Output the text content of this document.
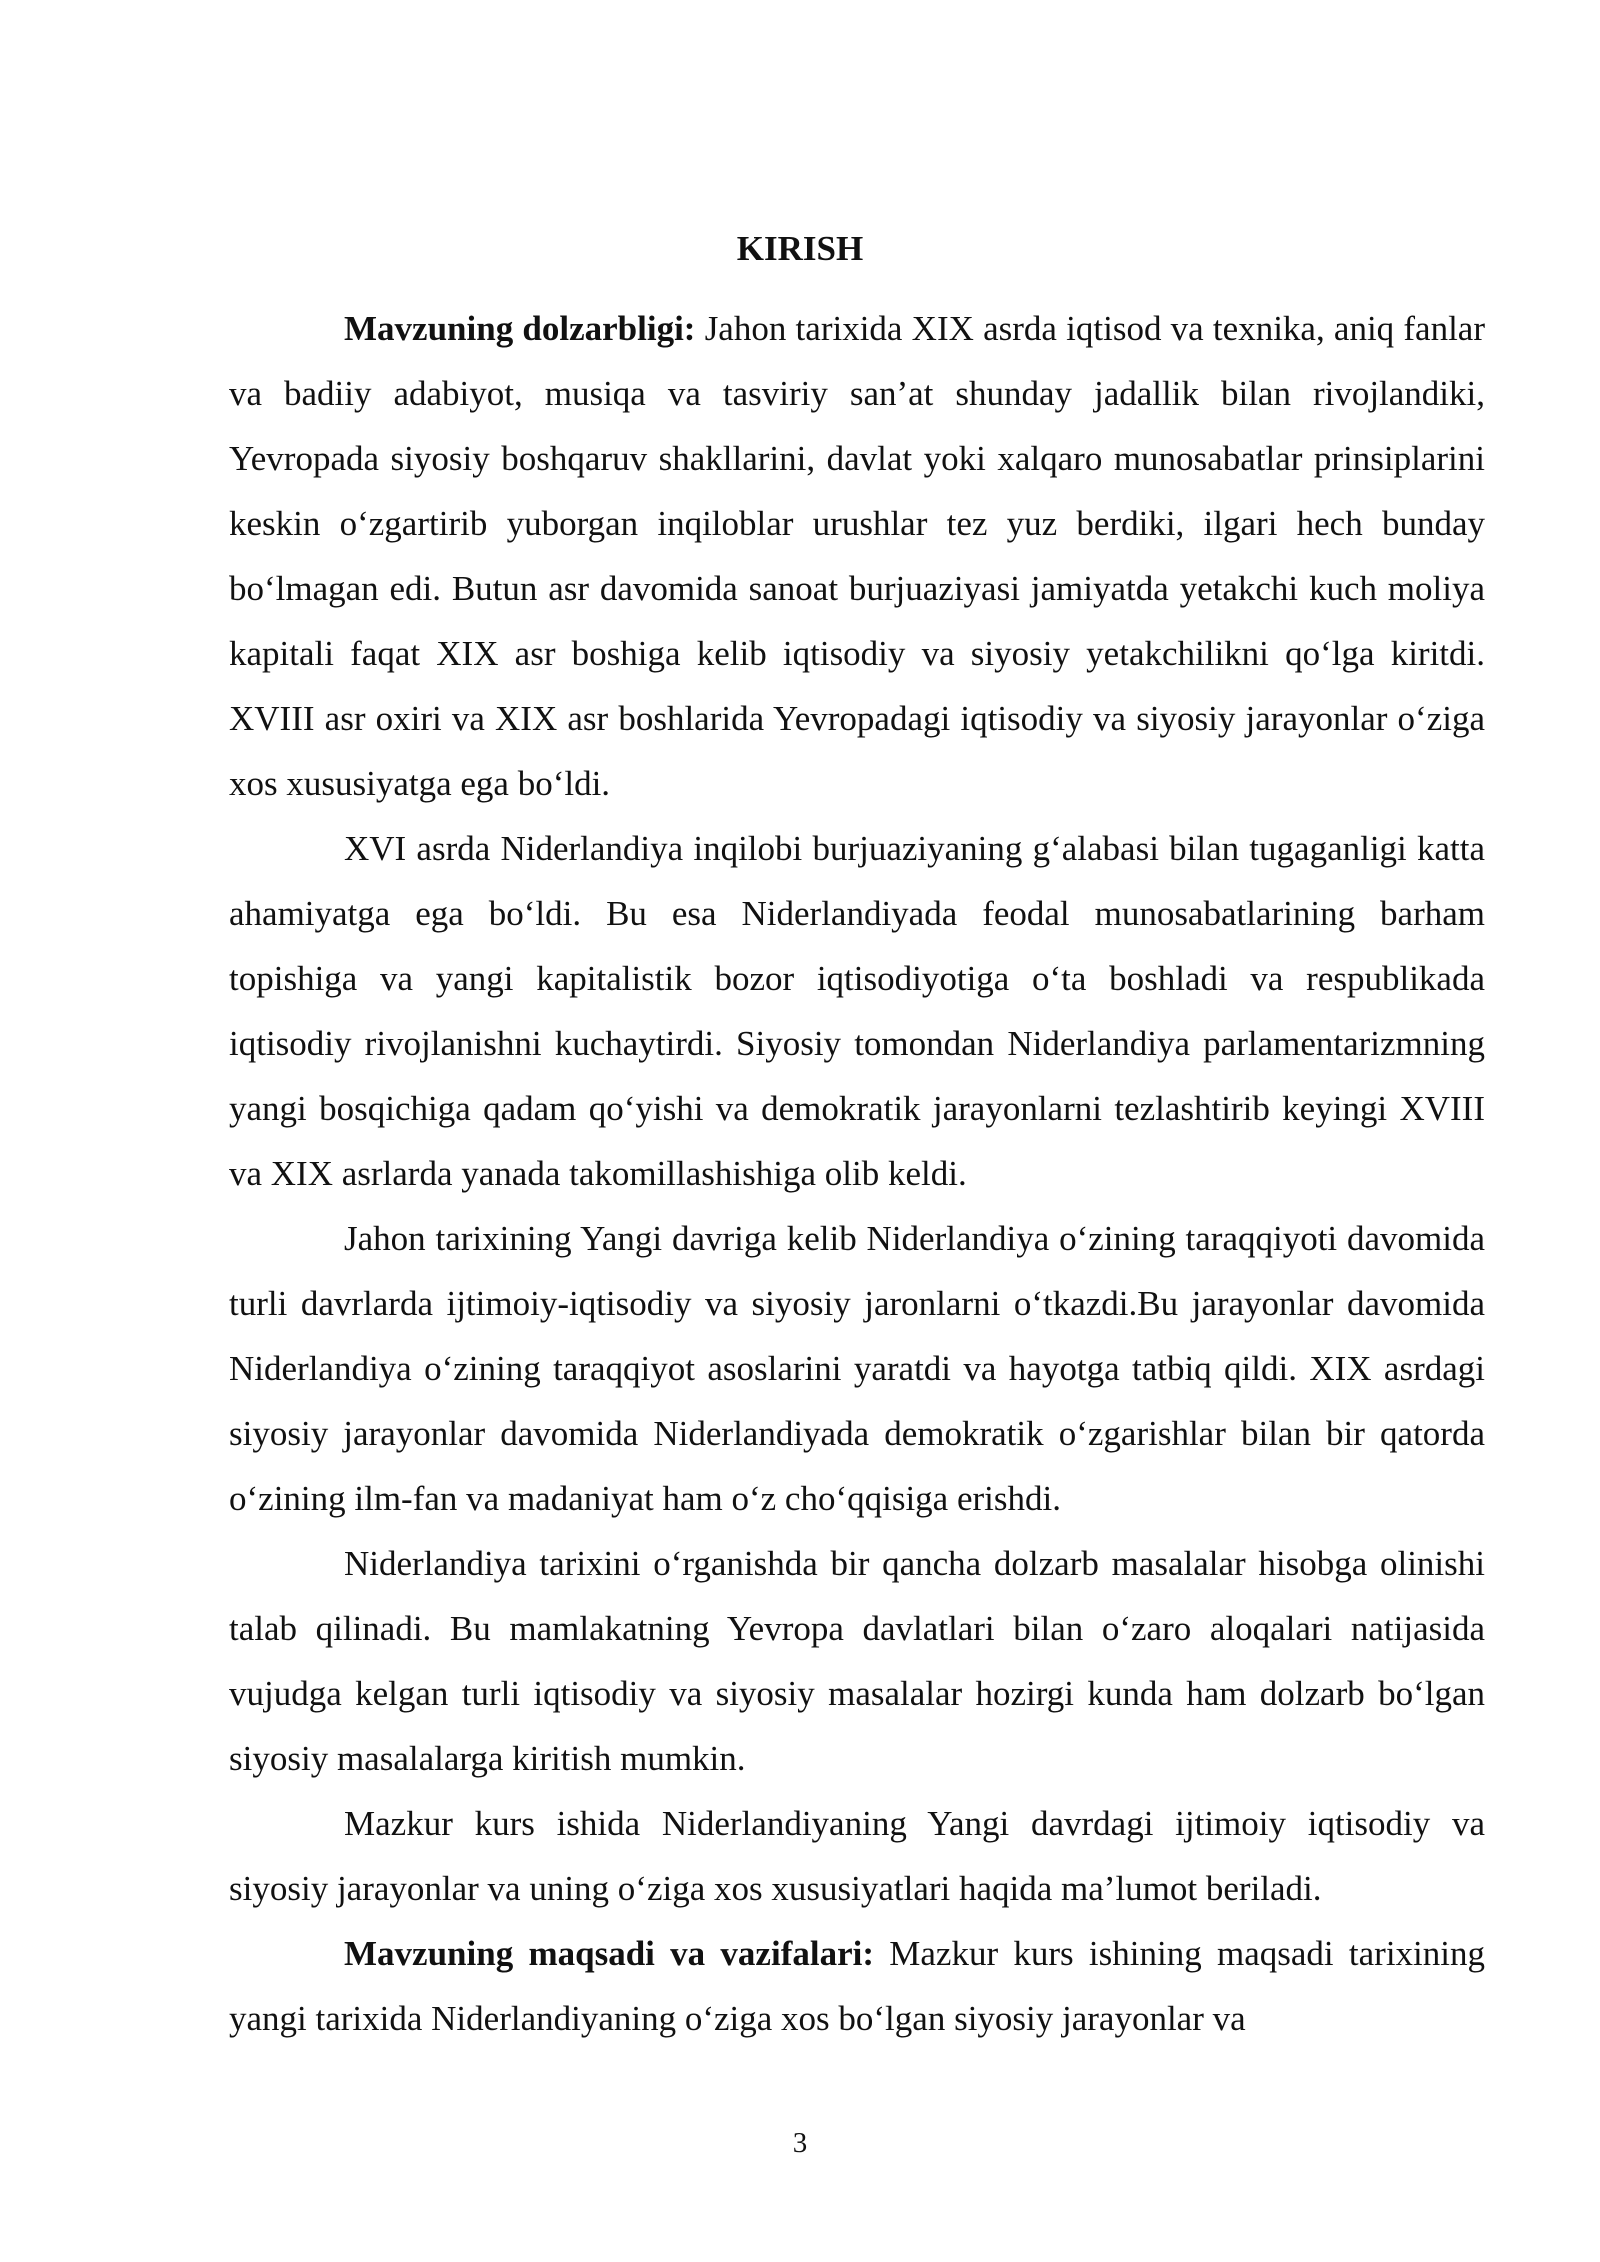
KIRISH

Mavzuning dolzarbligi: Jahon tarixida XIX asrda iqtisod va texnika, aniq fanlar va badiiy adabiyot, musiqa va tasviriy san’at shunday jadallik bilan rivojlandiki, Yevropada siyosiy boshqaruv shakllarini, davlat yoki xalqaro munosabatlar prinsiplarini keskin o‘zgartirib yuborgan inqiloblar urushlar tez yuz berdiki, ilgari hech bunday bo‘lmagan edi. Butun asr davomida sanoat burjuaziyasi jamiyatda yetakchi kuch moliya kapitali faqat XIX asr boshiga kelib iqtisodiy va siyosiy yetakchilikni qo‘lga kiritdi. XVIII asr oxiri va XIX asr boshlarida Yevropadagi iqtisodiy va siyosiy jarayonlar o‘ziga xos xususiyatga ega bo‘ldi.

XVI asrda Niderlandiya inqilobi burjuaziyaning g‘alabasi bilan tugaganligi katta ahamiyatga ega bo‘ldi. Bu esa Niderlandiyada feodal munosabatlarining barham topishiga va yangi kapitalistik bozor iqtisodiyotiga o‘ta boshladi va respublikada iqtisodiy rivojlanishni kuchaytirdi. Siyosiy tomondan Niderlandiya parlamentarizmning yangi bosqichiga qadam qo‘yishi va demokratik jarayonlarni tezlashtirib keyingi XVIII va XIX asrlarda yanada takomillashishiga olib keldi.

Jahon tarixining Yangi davriga kelib Niderlandiya o‘zining taraqqiyoti davomida turli davrlarda ijtimoiy-iqtisodiy va siyosiy jaronlarni o‘tkazdi.Bu jarayonlar davomida Niderlandiya o‘zining taraqqiyot asoslarini yaratdi va hayotga tatbiq qildi. XIX asrdagi siyosiy jarayonlar davomida Niderlandiyada demokratik o‘zgarishlar bilan bir qatorda o‘zining ilm-fan va madaniyat ham o‘z cho‘qqisiga erishdi.

Niderlandiya tarixini o‘rganishda bir qancha dolzarb masalalar hisobga olinishi talab qilinadi. Bu mamlakatning Yevropa davlatlari bilan o‘zaro aloqalari natijasida vujudga kelgan turli iqtisodiy va siyosiy masalalar hozirgi kunda ham dolzarb bo‘lgan siyosiy masalalarga kiritish mumkin.

Mazkur kurs ishida Niderlandiyaning Yangi davrdagi ijtimoiy iqtisodiy va siyosiy jarayonlar va uning o‘ziga xos xususiyatlari haqida ma’lumot beriladi.

Mavzuning maqsadi va vazifalari: Mazkur kurs ishining maqsadi tarixining yangi tarixida Niderlandiyaning o‘ziga xos bo‘lgan siyosiy jarayonlar va

3
